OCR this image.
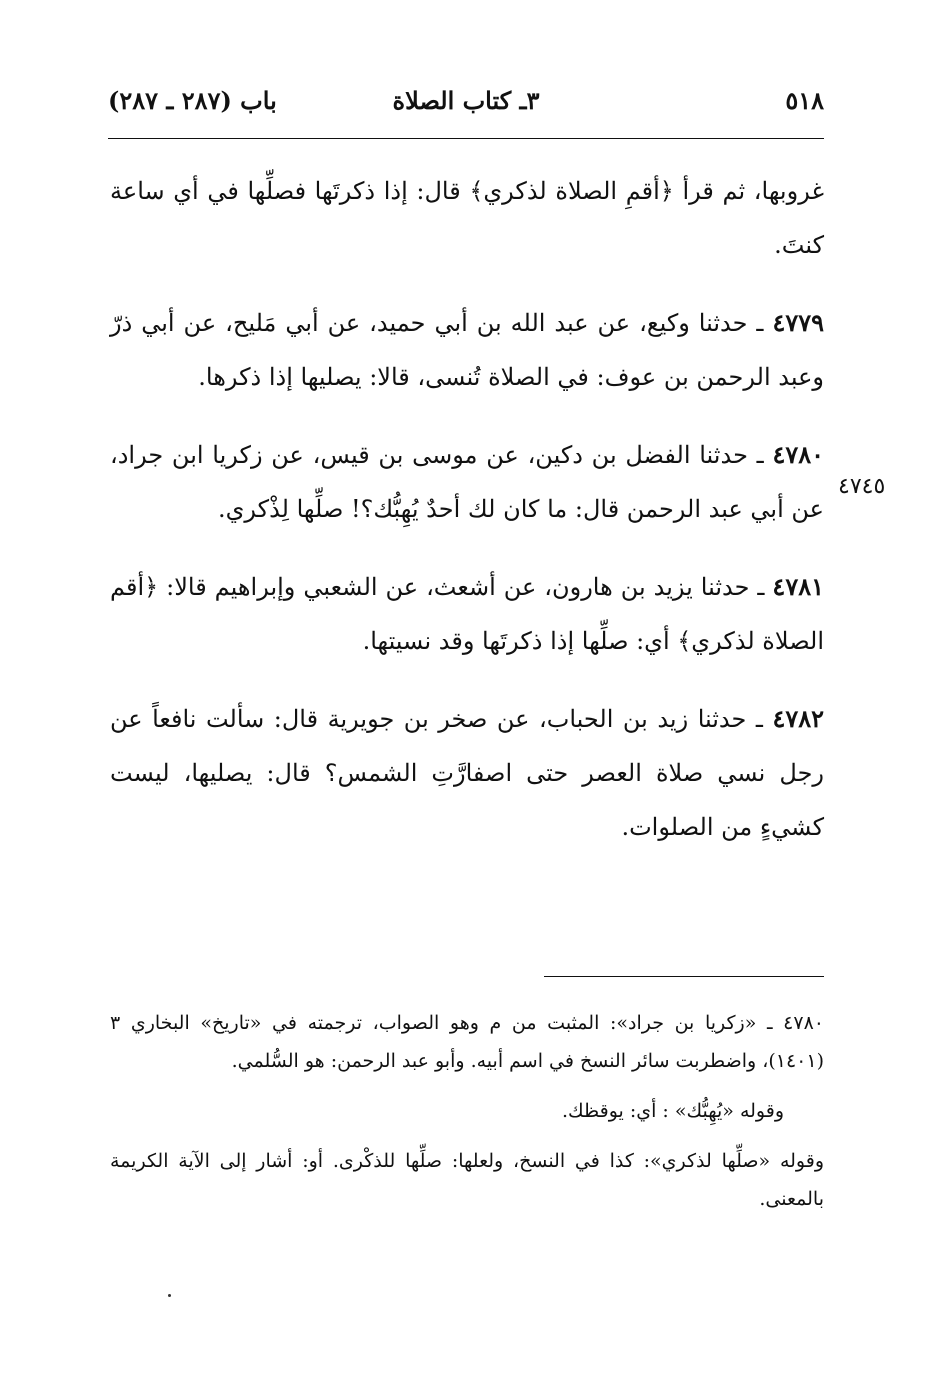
٥١٨
٣ـ كتاب الصلاة
باب (٢٨٧ ـ ٢٨٧)
٤٧٤٥

غروبها، ثم قرأ ﴿أقمِ الصلاة لذكري﴾ قال: إذا ذكرتَها فصلِّها في أي ساعة كنتَ.

٤٧٧٩ ـ حدثنا وكيع، عن عبد الله بن أبي حميد، عن أبي مَليح، عن أبي ذرّ وعبد الرحمن بن عوف: في الصلاة تُنسى، قالا: يصليها إذا ذكرها.

٤٧٨٠ ـ حدثنا الفضل بن دكين، عن موسى بن قيس، عن زكريا ابن جراد، عن أبي عبد الرحمن قال: ما كان لك أحدٌ يُهِبُّك؟! صلِّها لِذْكري.

٤٧٨١ ـ حدثنا يزيد بن هارون، عن أشعث، عن الشعبي وإبراهيم قالا: ﴿أقم الصلاة لذكري﴾ أي: صلِّها إذا ذكرتَها وقد نسيتها.

٤٧٨٢ ـ حدثنا زيد بن الحباب، عن صخر بن جويرية قال: سألت نافعاً عن رجل نسي صلاة العصر حتى اصفارَّتِ الشمس؟ قال: يصليها، ليست كشيءٍ من الصلوات.

٤٧٨٠ ـ «زكريا بن جراد»: المثبت من م وهو الصواب، ترجمته في «تاريخ» البخاري ٣ (١٤٠١)، واضطربت سائر النسخ في اسم أبيه. وأبو عبد الرحمن: هو السُّلمي.

وقوله «يُهِبُّك» : أي: يوقظك.

وقوله «صلِّها لذكري»: كذا في النسخ، ولعلها: صلِّها للذكْرى. أو: أشار إلى الآية الكريمة بالمعنى.
